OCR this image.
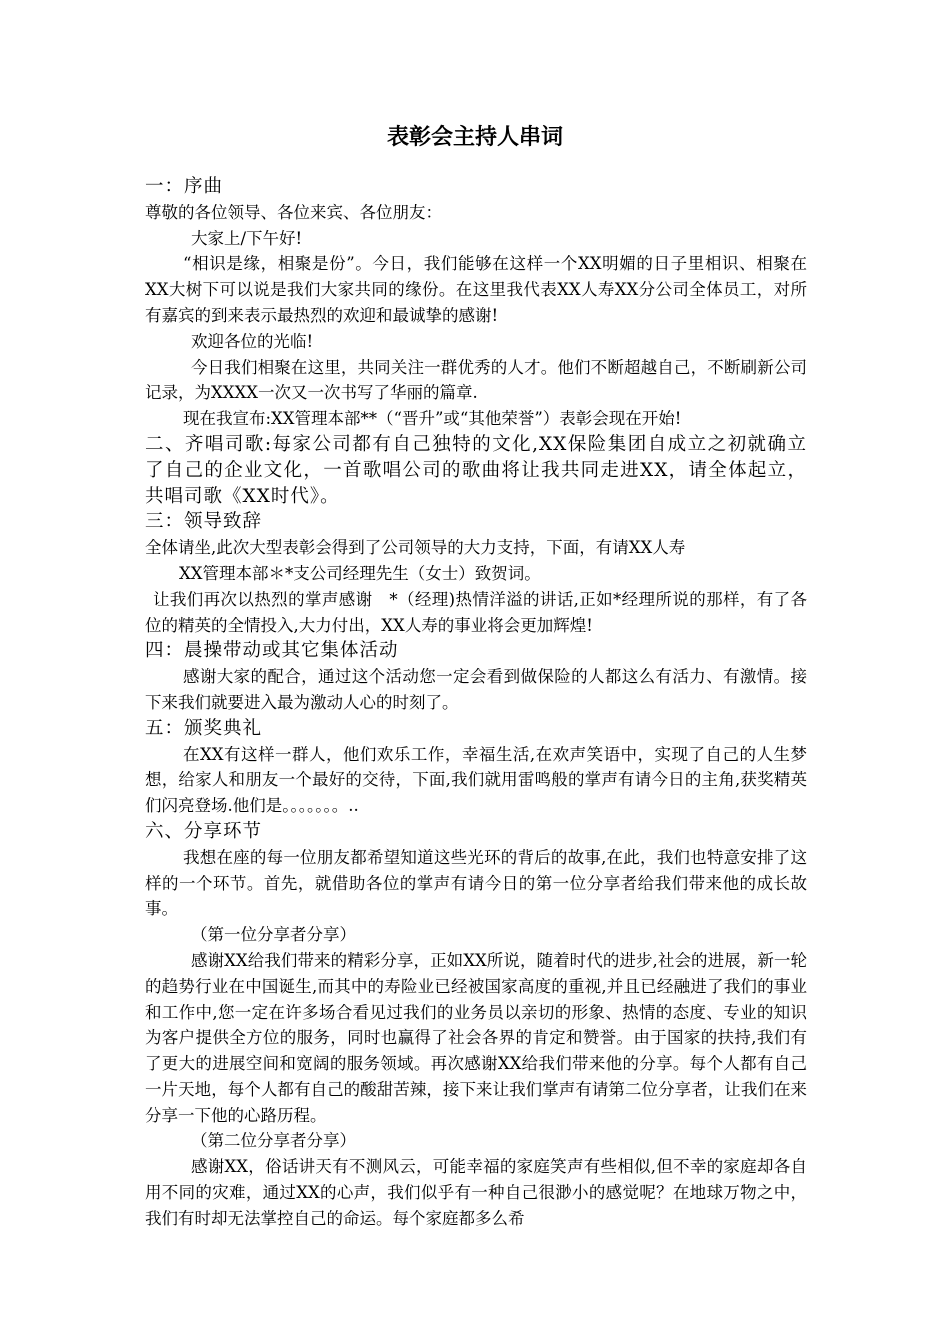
表彰会主持人串词

一：序曲

尊敬的各位领导、各位来宾、各位朋友：

大家上/下午好!

“相识是缘，相聚是份”。今日，我们能够在这样一个XX明媚的日子里相识、相聚在XX大树下可以说是我们大家共同的缘份。在这里我代表XX人寿XX分公司全体员工，对所有嘉宾的到来表示最热烈的欢迎和最诚挚的感谢!

欢迎各位的光临!

今日我们相聚在这里，共同关注一群优秀的人才。他们不断超越自己，不断刷新公司记录，为XXXX一次又一次书写了华丽的篇章.

现在我宣布:XX管理本部**（“晋升”或“其他荣誉”）表彰会现在开始!

二、齐唱司歌:每家公司都有自己独特的文化,XX保险集团自成立之初就确立了自己的企业文化，一首歌唱公司的歌曲将让我共同走进XX，请全体起立，共唱司歌《XX时代》。

三：领导致辞

全体请坐,此次大型表彰会得到了公司领导的大力支持，下面，有请XX人寿

XX管理本部＊*支公司经理先生（女士）致贺词。

让我们再次以热烈的掌声感谢　*（经理)热情洋溢的讲话,正如*经理所说的那样，有了各位的精英的全情投入,大力付出，XX人寿的事业将会更加辉煌!

四：晨操带动或其它集体活动

感谢大家的配合，通过这个活动您一定会看到做保险的人都这么有活力、有激情。接下来我们就要进入最为激动人心的时刻了。

五：颁奖典礼

在XX有这样一群人，他们欢乐工作，幸福生活,在欢声笑语中，实现了自己的人生梦想，给家人和朋友一个最好的交待，下面,我们就用雷鸣般的掌声有请今日的主角,获奖精英们闪亮登场.他们是。。。。。。。..

六、分享环节

我想在座的每一位朋友都希望知道这些光环的背后的故事,在此，我们也特意安排了这样的一个环节。首先，就借助各位的掌声有请今日的第一位分享者给我们带来他的成长故事。

（第一位分享者分享）

感谢XX给我们带来的精彩分享，正如XX所说，随着时代的进步,社会的进展，新一轮的趋势行业在中国诞生,而其中的寿险业已经被国家高度的重视,并且已经融进了我们的事业和工作中,您一定在许多场合看见过我们的业务员以亲切的形象、热情的态度、专业的知识为客户提供全方位的服务，同时也赢得了社会各界的肯定和赞誉。由于国家的扶持,我们有了更大的进展空间和宽阔的服务领域。再次感谢XX给我们带来他的分享。每个人都有自己一片天地，每个人都有自己的酸甜苦辣，接下来让我们掌声有请第二位分享者，让我们在来分享一下他的心路历程。

（第二位分享者分享）

感谢XX，俗话讲天有不测风云，可能幸福的家庭笑声有些相似,但不幸的家庭却各自用不同的灾难，通过XX的心声，我们似乎有一种自己很渺小的感觉呢？在地球万物之中，我们有时却无法掌控自己的命运。每个家庭都多么希
